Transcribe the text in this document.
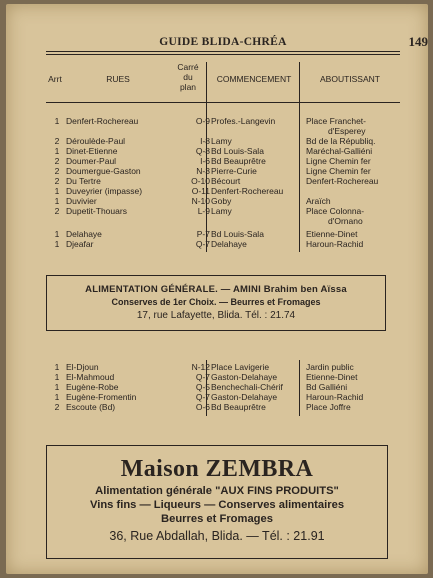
GUIDE BLIDA-CHRÉA	149
Arrt	RUES
Carré
du
plan
COMMENCEMENT	ABOUTISSANT
1 Denfert-Rochereau	O-9 Profes.-Langevin	Place Franchet-
d'Esperey
2 Déroulède-Paul	I-8 Lamy	Bd de la Républiq.
1 Dinet-Etienne	Q-8 Bd Louis-Sala	Maréchal-Galliéni
2 Doumer-Paul	I-6 Bd Beauprêtre	Ligne Chemin fer
2 Doumergue-Gaston	N-3 Pierre-Curie	Ligne Chemin fer
2 Du Tertre	O-10 Bécourt	Denfert-Rochereau
1 Duveyrier (impasse)	O-11 Denfert-Rochereau
1 Duvivier	N-10 Goby	Araïch
2 Dupetit-Thouars	L-9 Lamy	Place Colonna-
d'Ornano
1 Delahaye	P-7 Bd Louis-Sala	Etienne-Dinet
1 Djeafar	Q-7 Delahaye	Haroun-Rachid
ALIMENTATION GÉNÉRALE. — AMINI Brahim ben Aïssa
Conserves de 1er Choix. — Beurres et Fromages
17, rue Lafayette, Blida. Tél. : 21.74
1 El-Djoun	N-12 Place Lavigerie	Jardin public
1 El-Mahmoud	Q-7 Gaston-Delahaye	Etienne-Dinet
1 Eugène-Robe	Q-5 Benchechali-Chérif	Bd Galliéni
1 Eugène-Fromentin	Q-7 Gaston-Delahaye	Haroun-Rachid
2 Escoute (Bd)	O-6 Bd Beauprêtre	Place Joffre
Maison ZEMBRA
Alimentation générale "AUX FINS PRODUITS"
Vins fins — Liqueurs — Conserves alimentaires
Beurres et Fromages
36, Rue Abdallah, Blida. — Tél. : 21.91
